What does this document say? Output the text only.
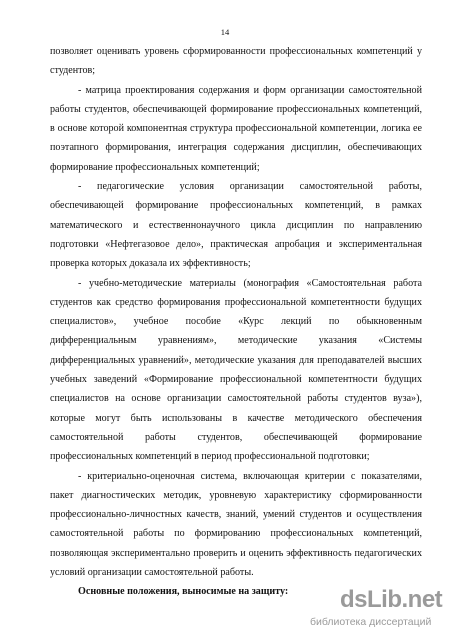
14

позволяет оценивать уровень сформированности профессиональных компетенций у студентов;

- матрица проектирования содержания и форм организации самостоятельной работы студентов, обеспечивающей формирование профессиональных компетенций, в основе которой компонентная структура профессиональной компетенции, логика ее поэтапного формирования, интеграция содержания дисциплин, обеспечивающих формирование профессиональных компетенций;

- педагогические условия организации самостоятельной работы, обеспечивающей формирование профессиональных компетенций, в рамках математического и естественнонаучного цикла дисциплин по направлению подготовки «Нефтегазовое дело», практическая апробация и экспериментальная проверка которых доказала их эффективность;

- учебно-методические материалы (монография «Самостоятельная работа студентов как средство формирования профессиональной компетентности будущих специалистов», учебное пособие «Курс лекций по обыкновенным дифференциальным уравнениям», методические указания «Системы дифференциальных уравнений», методические указания для преподавателей высших учебных заведений «Формирование профессиональной компетентности будущих специалистов на основе организации самостоятельной работы студентов вуза»), которые могут быть использованы в качестве методического обеспечения самостоятельной работы студентов, обеспечивающей формирование профессиональных компетенций в период профессиональной подготовки;

- критериально-оценочная система, включающая критерии с показателями, пакет диагностических методик, уровневую характеристику сформированности профессионально-личностных качеств, знаний, умений студентов и осуществления самостоятельной работы по формированию профессиональных компетенций, позволяющая экспериментально проверить и оценить эффективность педагогических условий организации самостоятельной работы.

Основные положения, выносимые на защиту:	dsLib.net
библиотека диссертаций
